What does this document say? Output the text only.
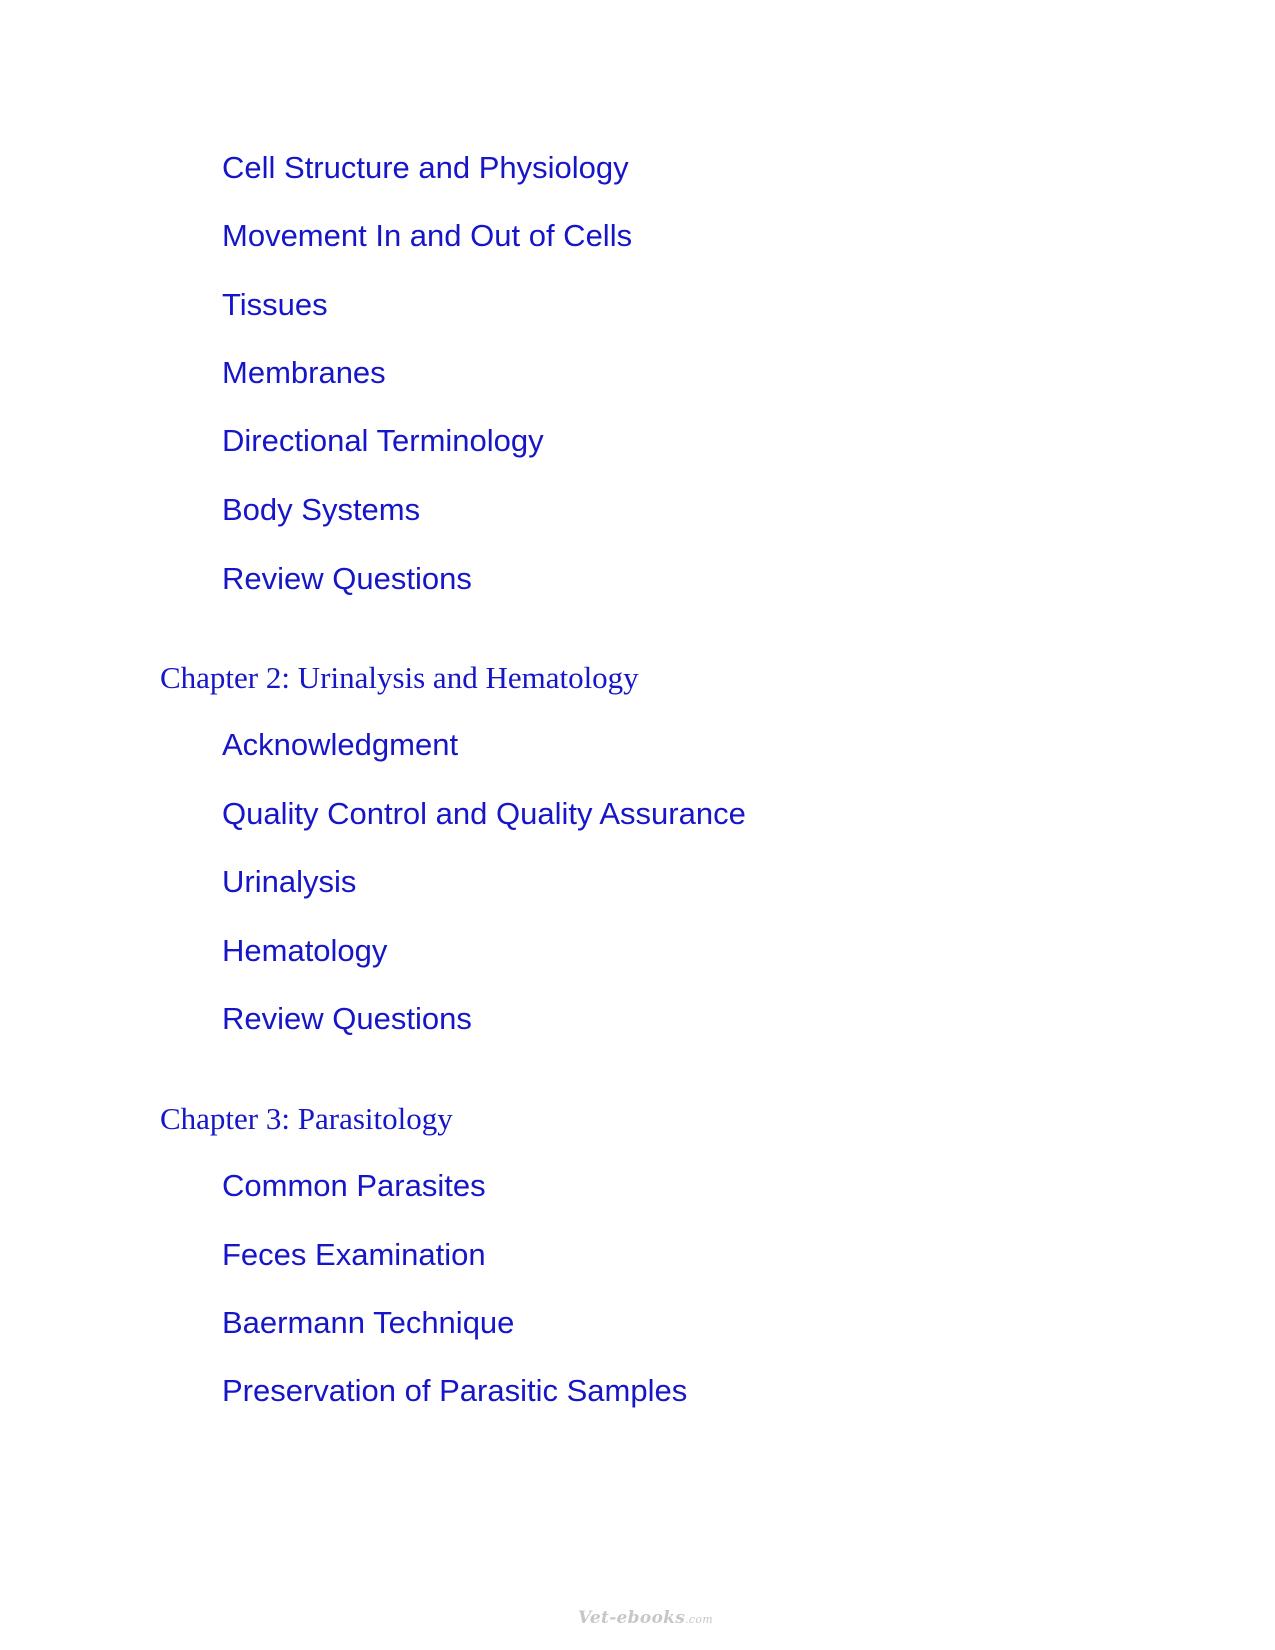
Cell Structure and Physiology
Movement In and Out of Cells
Tissues
Membranes
Directional Terminology
Body Systems
Review Questions
Chapter 2: Urinalysis and Hematology
Acknowledgment
Quality Control and Quality Assurance
Urinalysis
Hematology
Review Questions
Chapter 3: Parasitology
Common Parasites
Feces Examination
Baermann Technique
Preservation of Parasitic Samples
Vet-ebooks.com
